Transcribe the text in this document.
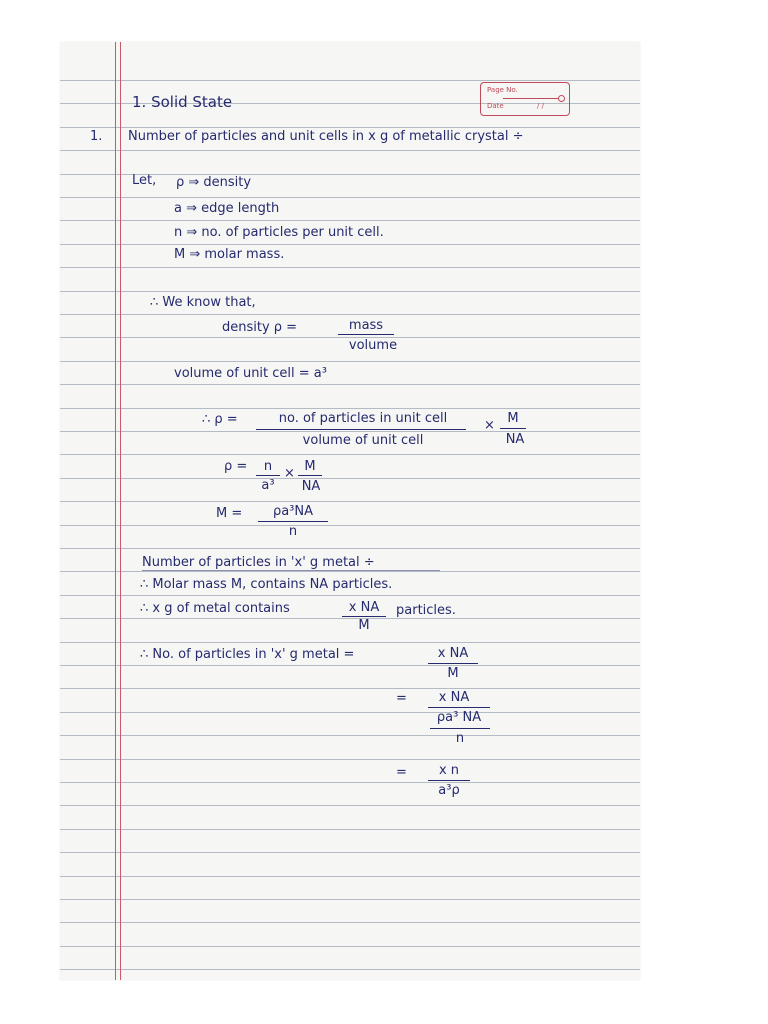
Page No.
Date	/ /
1. Solid State
1. Number of particles and unit cells in x g of metallic crystal ÷
Let, ρ ⇒ density
a ⇒ edge length
n ⇒ no. of particles per unit cell.
M ⇒ molar mass.
∴ We know that,
density ρ =	mass
volume
volume of unit cell = a³
∴ ρ =	no. of particles in unit cell
volume of unit cell
× M
NA
ρ =	n
a³
× M
NA
M =	ρa³NA
n
Number of particles in 'x' g metal ÷
∴ Molar mass M, contains NA particles.
∴ x g of metal contains	x NA
M
particles.
∴ No. of particles in 'x' g metal =	x NA
M
=	x NA
ρa³ NA
n
=	x n
a³ρ
